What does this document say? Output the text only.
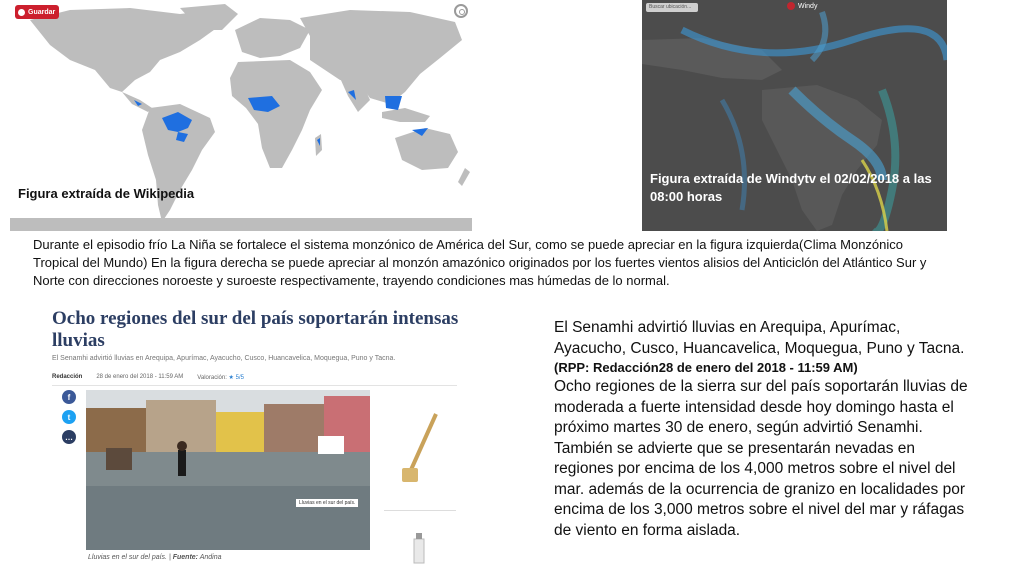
Guardar
Figura extraída de Wikipedia
Buscar ubicación...	Windy
Figura extraída de Windytv el 02/02/2018 a las 08:00 horas
Durante el episodio frío La Niña se fortalece el sistema monzónico de América del Sur, como se puede apreciar en la figura izquierda(Clima Monzónico Tropical del Mundo) En la figura derecha se puede apreciar al monzón amazónico originados por los fuertes vientos alisios del Anticiclón del Atlántico Sur y Norte con direcciones noroeste y suroeste respectivamente, trayendo condiciones mas húmedas de lo normal.
Ocho regiones del sur del país soportarán intensas lluvias
El Senamhi advirtió lluvias en Arequipa, Apurímac, Ayacucho, Cusco, Huancavelica, Moquegua, Puno y Tacna.
Redacción 28 de enero del 2018 - 11:59 AM Valoración: ★ 5/5
f
t
…
Lluvias en el sur del país.
Lluvias en el sur del país. | Fuente: Andina
El Senamhi advirtió lluvias en Arequipa, Apurímac, Ayacucho, Cusco, Huancavelica, Moquegua, Puno y Tacna.
(RPP: Redacción28 de enero del 2018 - 11:59 AM)
Ocho regiones de la sierra sur del país soportarán lluvias de moderada a fuerte intensidad desde hoy domingo hasta el próximo martes 30 de enero, según advirtió Senamhi. También se advierte que se presentarán nevadas en regiones por encima de los 4,000 metros sobre el nivel del mar. además de la ocurrencia de granizo en localidades por encima de los 3,000 metros sobre el nivel del mar y ráfagas de viento en forma aislada.
